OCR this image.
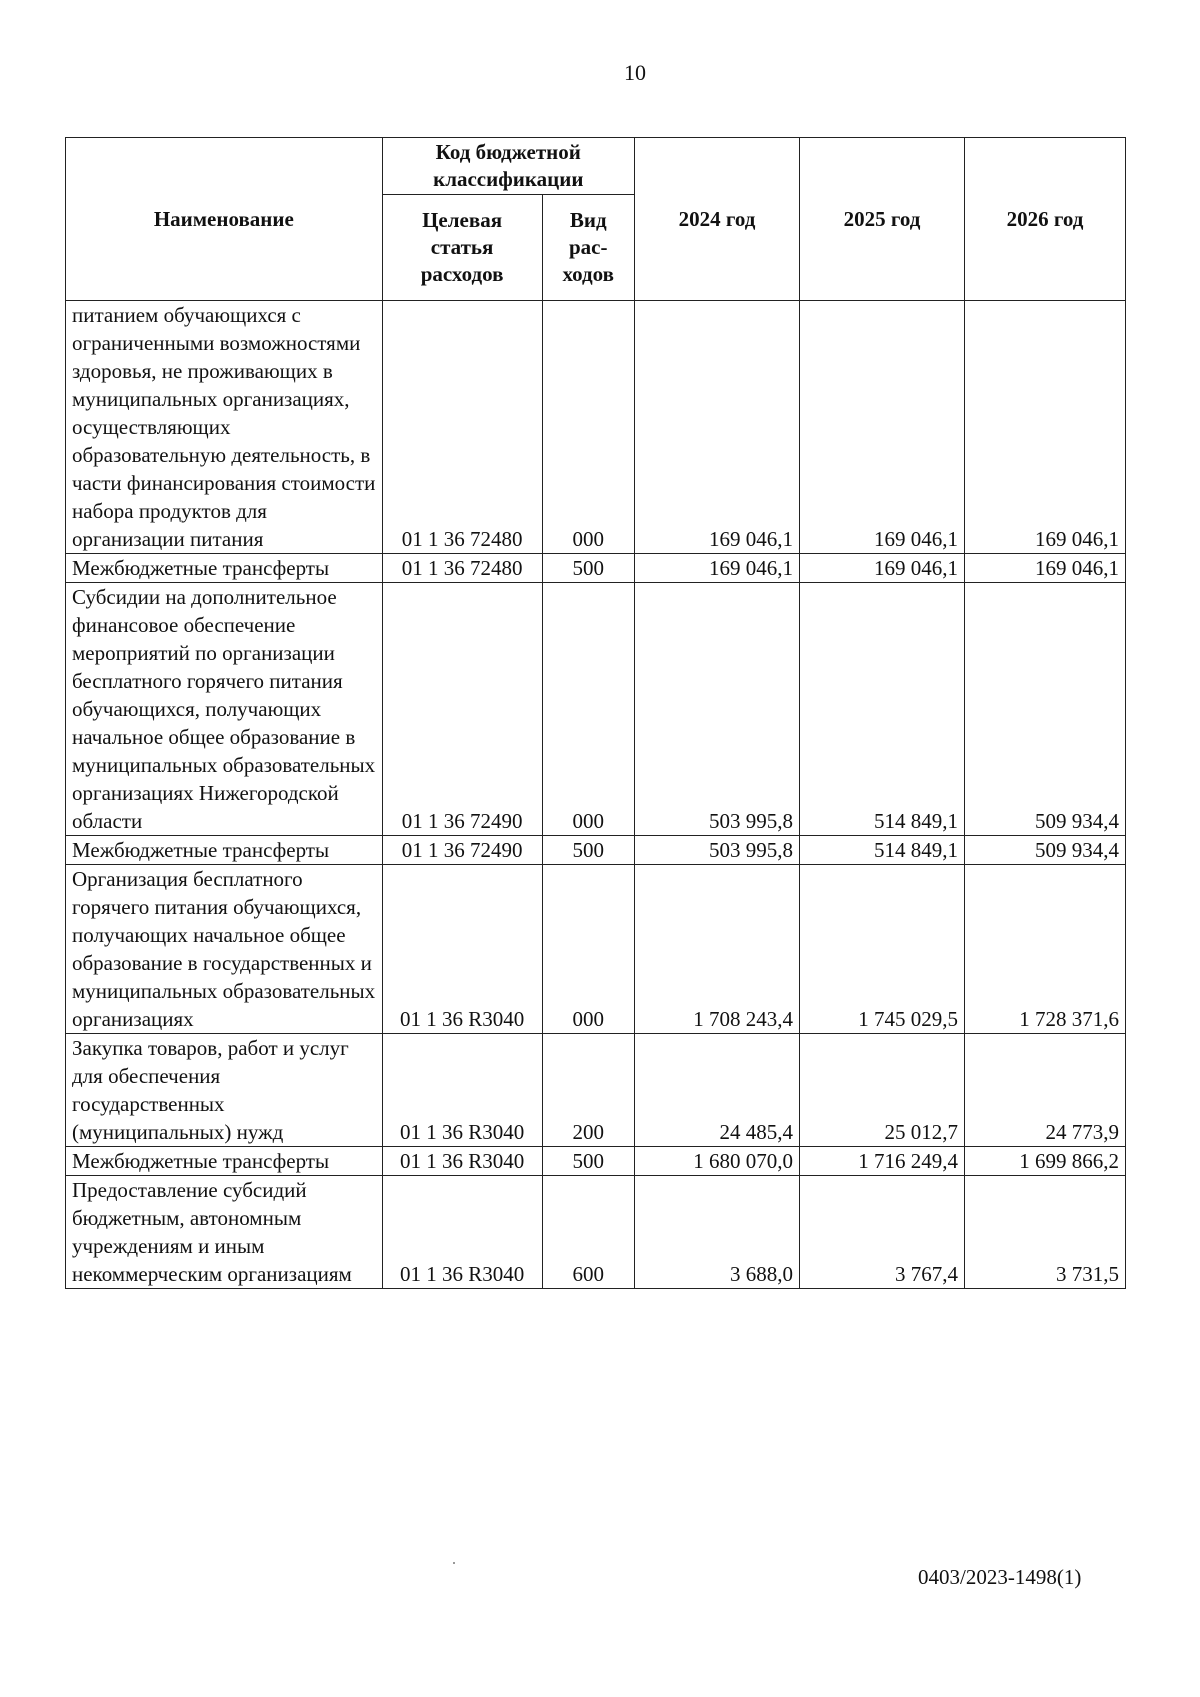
10
Наименование	Код бюджетной классификации		2024 год	2025 год	2026 год
	Целевая статья расходов	Вид рас-ходов			
питанием обучающихся с ограниченными возможностями здоровья, не проживающих в муниципальных организациях, осуществляющих образовательную деятельность, в части финансирования стоимости набора продуктов для организации питания	01 1 36 72480	000	169 046,1	169 046,1	169 046,1
Межбюджетные трансферты	01 1 36 72480	500	169 046,1	169 046,1	169 046,1
Субсидии на дополнительное финансовое обеспечение мероприятий по организации бесплатного горячего питания обучающихся, получающих начальное общее образование в муниципальных образовательных организациях Нижегородской области	01 1 36 72490	000	503 995,8	514 849,1	509 934,4
Межбюджетные трансферты	01 1 36 72490	500	503 995,8	514 849,1	509 934,4
Организация бесплатного горячего питания обучающихся, получающих начальное общее образование в государственных и муниципальных образовательных организациях	01 1 36 R3040	000	1 708 243,4	1 745 029,5	1 728 371,6
Закупка товаров, работ и услуг для обеспечения государственных (муниципальных) нужд	01 1 36 R3040	200	24 485,4	25 012,7	24 773,9
Межбюджетные трансферты	01 1 36 R3040	500	1 680 070,0	1 716 249,4	1 699 866,2
Предоставление субсидий бюджетным, автономным учреждениям и иным некоммерческим организациям	01 1 36 R3040	600	3 688,0	3 767,4	3 731,5
0403/2023-1498(1)
